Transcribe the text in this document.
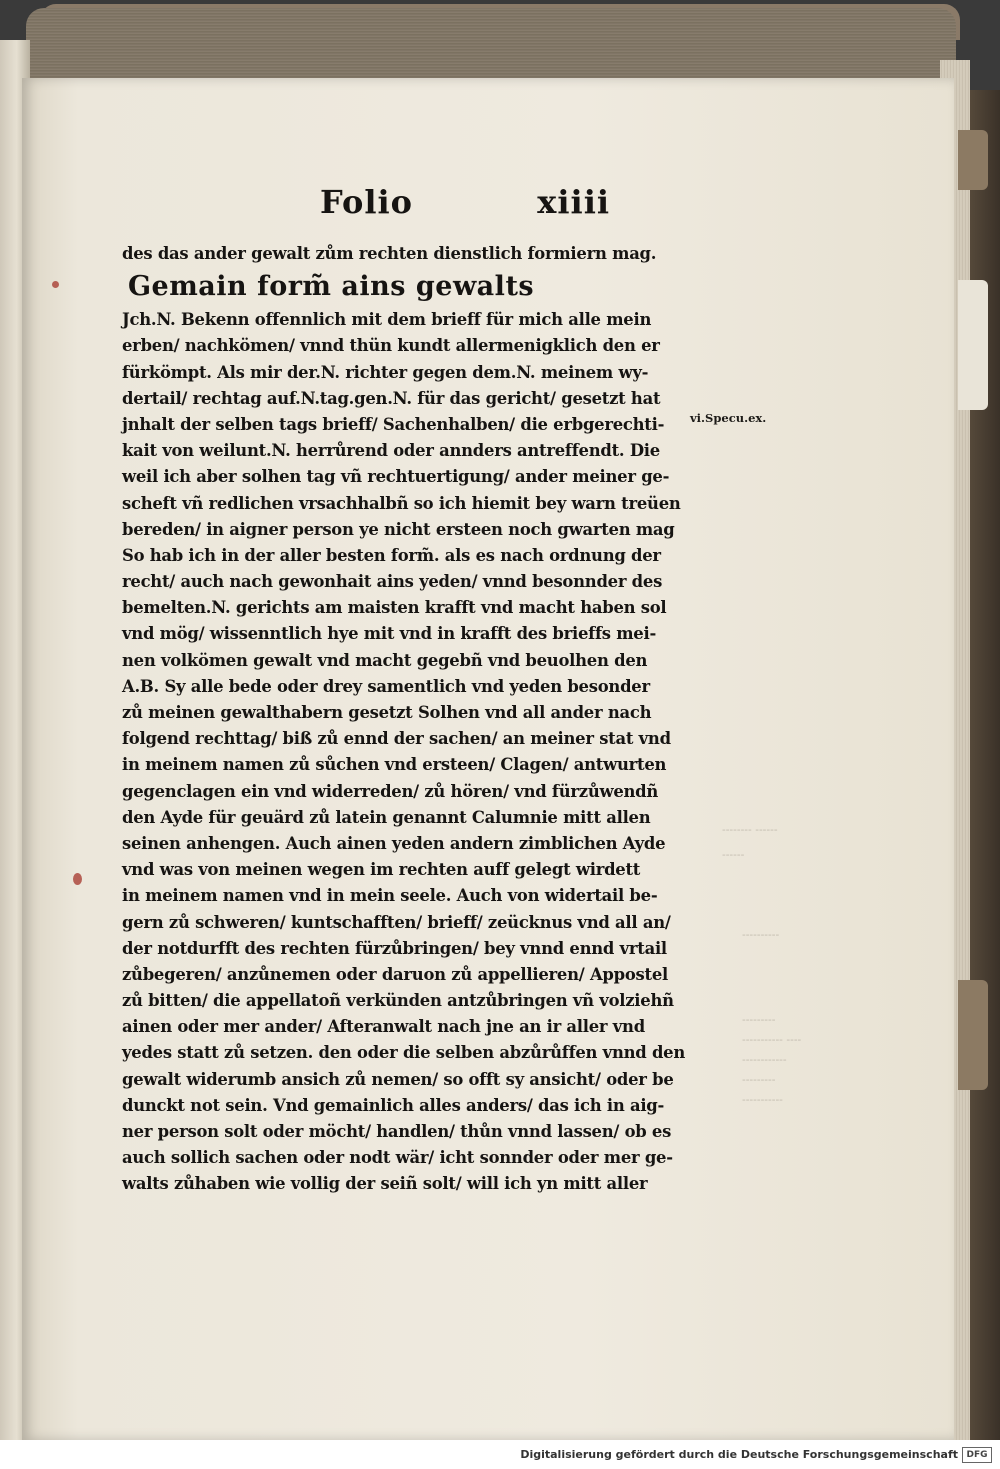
-------- ------
------
----------
---------
----------- ----
------------
---------
-----------
Folio	xiiii
des das ander gewalt zům rechten dienstlich formiern mag.
Gemain form̃ ains gewalts
Jch.N. Bekenn offennlich mit dem brieff für mich alle mein
erben/ nachkömen/ vnnd thün kundt allermenigklich den er
fürkömpt. Als mir der.N. richter gegen dem.N. meinem wy-
dertail/ rechtag auf.N.tag.gen.N. für das gericht/ gesetzt hat
jnhalt der selben tags brieff/ Sachenhalben/ die erbgerechti-
kait von weilunt.N. herrůrend oder annders antreffendt. Die
weil ich aber solhen tag vñ rechtuertigung/ ander meiner ge-
scheft vñ redlichen vrsachhalbñ so ich hiemit bey warn treüen
bereden/ in aigner person ye nicht ersteen noch gwarten mag
So hab ich in der aller besten form̃. als es nach ordnung der
recht/ auch nach gewonhait ains yeden/ vnnd besonnder des
bemelten.N. gerichts am maisten krafft vnd macht haben sol
vnd mög/ wissenntlich hye mit vnd in krafft des brieffs mei-
nen volkömen gewalt vnd macht gegebñ vnd beuolhen den
A.B. Sy alle bede oder drey samentlich vnd yeden besonder
zů meinen gewalthabern gesetzt Solhen vnd all ander nach
folgend rechttag/ biß zů ennd der sachen/ an meiner stat vnd
in meinem namen zů sůchen vnd ersteen/ Clagen/ antwurten
gegenclagen ein vnd widerreden/ zů hören/ vnd fürzůwendñ
den Ayde für geuärd zů latein genannt Calumnie mitt allen
seinen anhengen. Auch ainen yeden andern zimblichen Ayde
vnd was von meinen wegen im rechten auff gelegt wirdett
in meinem namen vnd in mein seele. Auch von widertail be-
gern zů schweren/ kuntschafften/ brieff/ zeücknus vnd all an/
der notdurfft des rechten fürzůbringen/ bey vnnd ennd vrtail
zůbegeren/ anzůnemen oder daruon zů appellieren/ Appostel
zů bitten/ die appellatoñ verkünden antzůbringen vñ volziehñ
ainen oder mer ander/ Afteranwalt nach jne an ir aller vnd
yedes statt zů setzen. den oder die selben abzůrůffen vnnd den
gewalt widerumb ansich zů nemen/ so offt sy ansicht/ oder be
dunckt not sein. Vnd gemainlich alles anders/ das ich in aig-
ner person solt oder möcht/ handlen/ thůn vnnd lassen/ ob es
auch sollich sachen oder nodt wär/ icht sonnder oder mer ge-
walts zůhaben wie vollig der seiñ solt/ will ich yn mitt aller
vi.Specu.ex.
Digitalisierung gefördert durch die Deutsche Forschungsgemeinschaft DFG
